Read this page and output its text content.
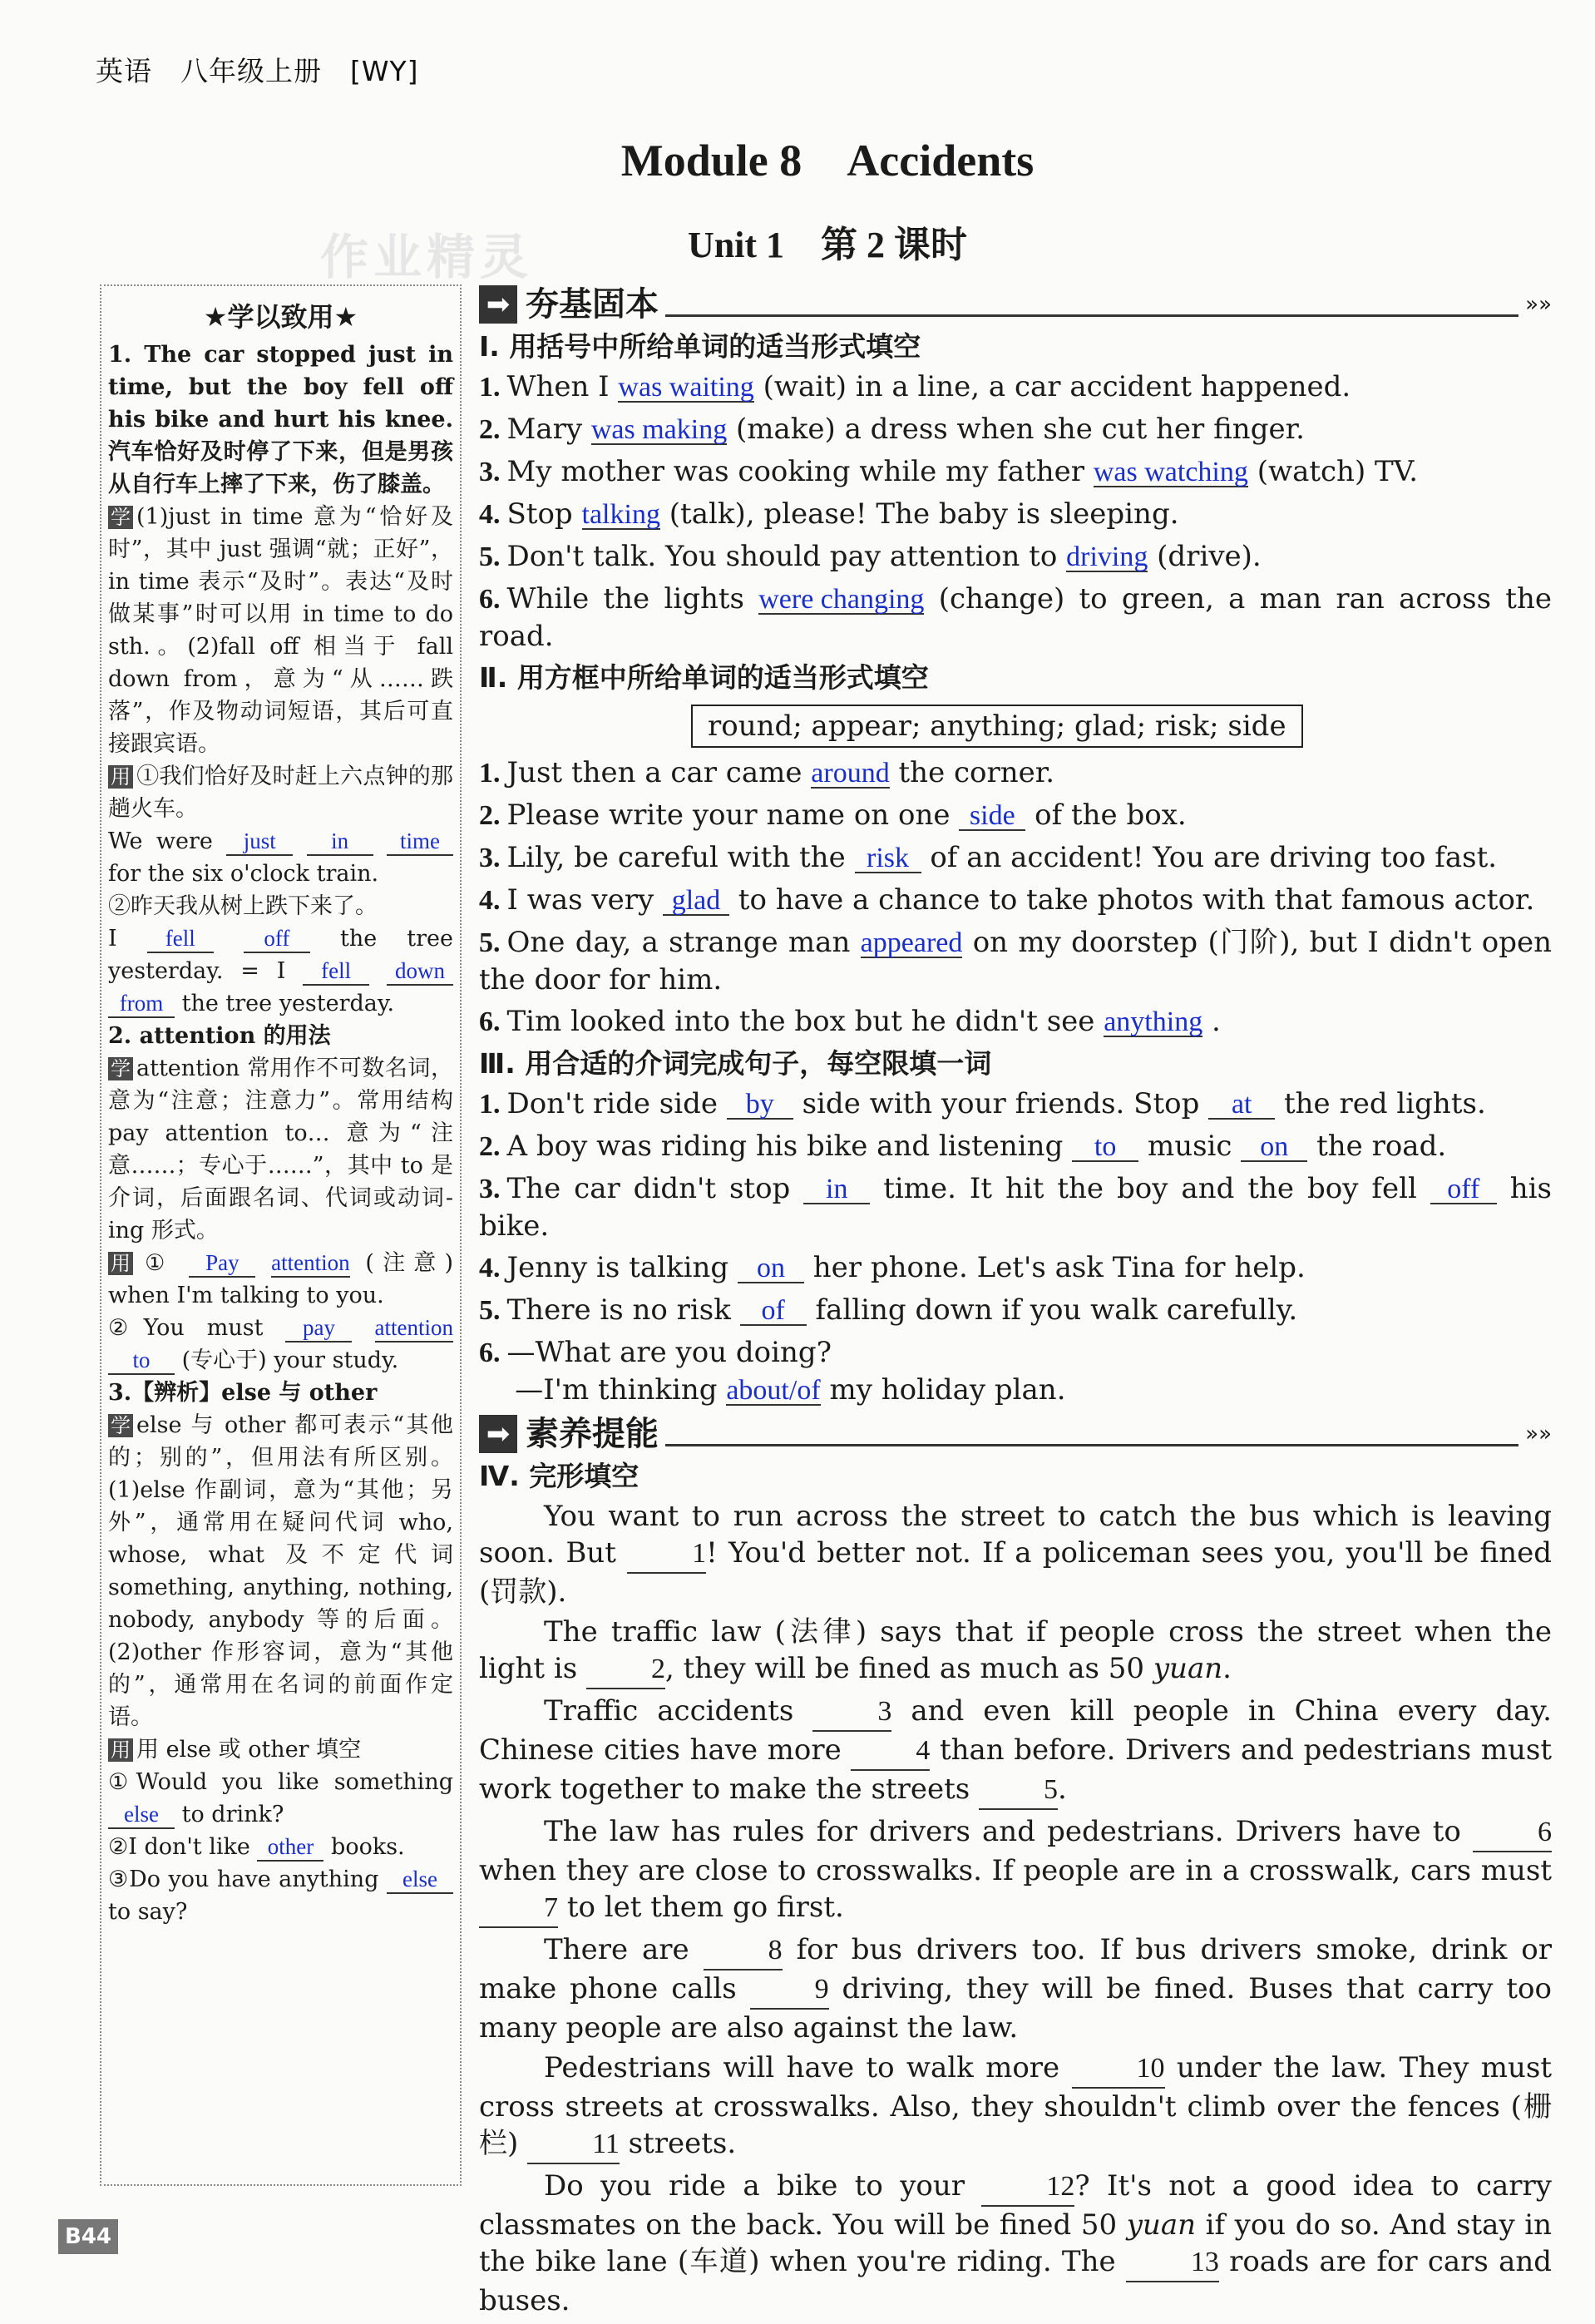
英语　八年级上册　[WY]
作业精灵
Module 8　Accidents
Unit 1　第 2 课时
★学以致用★

1. The car stopped just in time, but the boy fell off his bike and hurt his knee. 汽车恰好及时停了下来，但是男孩从自行车上摔了下来，伤了膝盖。

学 (1)just in time 意为“恰好及时”，其中 just 强调“就；正好”，in time 表示“及时”。表达“及时做某事”时可以用 in time to do sth.。(2)fall off 相当于 fall down from，意为“从……跌落”，作及物动词短语，其后可直接跟宾语。

用 ①我们恰好及时赶上六点钟的那趟火车。

We were just in time for the six o'clock train.

②昨天我从树上跌下来了。

I fell	off the tree yesterday. = I fell down from the tree yesterday.

2. attention 的用法

学 attention 常用作不可数名词，意为“注意；注意力”。常用结构 pay attention to… 意为“注意……；专心于……”，其中 to 是介词，后面跟名词、代词或动词-ing 形式。

用 ① Pay attention (注意) when I'm talking to you.

②You must pay attention to (专心于) your study.

3.【辨析】else 与 other

学 else 与 other 都可表示“其他的；别的”，但用法有所区别。(1)else 作副词，意为“其他；另外”，通常用在疑问代词 who, whose, what 及不定代词 something, anything, nothing, nobody, anybody 等的后面。(2)other 作形容词，意为“其他的”，通常用在名词的前面作定语。

用 用 else 或 other 填空

①Would you like something else to drink?

②I don't like other books.

③Do you have anything else to say?

➡ 夯基固本	»»
Ⅰ. 用括号中所给单词的适当形式填空

1. When I was waiting (wait) in a line, a car accident happened.

2. Mary was making (make) a dress when she cut her finger.

3. My mother was cooking while my father was watching (watch) TV.

4. Stop talking (talk), please! The baby is sleeping.

5. Don't talk. You should pay attention to driving (drive).

6. While the lights were changing (change) to green, a man ran across the road.

Ⅱ. 用方框中所给单词的适当形式填空
round; appear; anything; glad; risk; side

1. Just then a car came around the corner.

2. Please write your name on one side of the box.

3. Lily, be careful with the risk of an accident! You are driving too fast.

4. I was very glad to have a chance to take photos with that famous actor.

5. One day, a strange man appeared on my doorstep (门阶), but I didn't open the door for him.

6. Tim looked into the box but he didn't see anything .

Ⅲ. 用合适的介词完成句子，每空限填一词

1. Don't ride side by side with your friends. Stop at the red lights.

2. A boy was riding his bike and listening to music on the road.

3. The car didn't stop in time. It hit the boy and the boy fell off his bike.

4. Jenny is talking on her phone. Let's ask Tina for help.

5. There is no risk of falling down if you walk carefully.

6. —What are you doing?
—I'm thinking about/of my holiday plan.

➡ 素养提能	»»
Ⅳ. 完形填空

You want to run across the street to catch the bus which is leaving soon. But	1! You'd better not. If a policeman sees you, you'll be fined (罚款).

The traffic law (法律) says that if people cross the street when the light is	2, they will be fined as much as 50 yuan.

Traffic accidents	3 and even kill people in China every day. Chinese cities have more	4 than before. Drivers and pedestrians must work together to make the streets	5.

The law has rules for drivers and pedestrians. Drivers have to	6 when they are close to crosswalks. If people are in a crosswalk, cars must 7 to let them go first.

There are	8 for bus drivers too. If bus drivers smoke, drink or make phone calls	9 driving, they will be fined. Buses that carry too many people are also against the law.

Pedestrians will have to walk more	10 under the law. They must cross streets at crosswalks. Also, they shouldn't climb over the fences (栅栏)	11 streets.

Do you ride a bike to your	12? It's not a good idea to carry classmates on the back. You will be fined 50 yuan if you do so. And stay in the bike lane (车道) when you're riding. The	13 roads are for cars and buses.

B44
